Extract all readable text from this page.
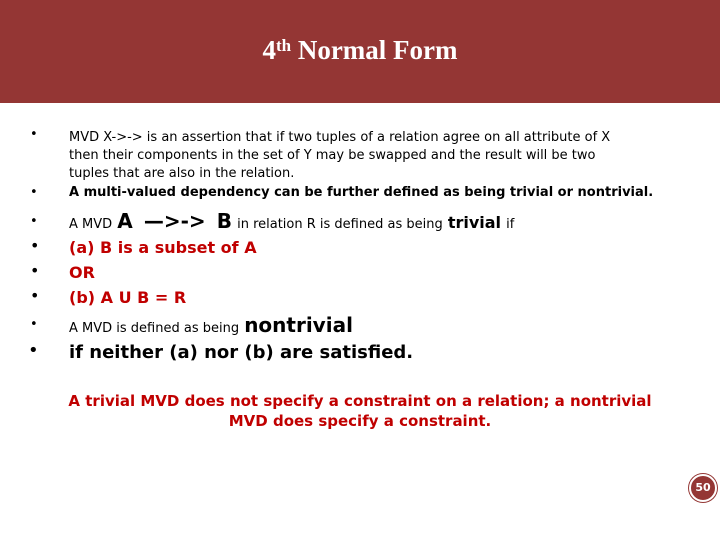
4th Normal Form
• MVD X->-> is an assertion that if two tuples of a relation agree on all attribute of X
then their components in the set of Y may be swapped and the result will be two
tuples that are also in the relation.
• A multi-valued dependency can be further defined as being trivial or nontrivial.
• A MVD A —>-> B in relation R is defined as being trivial if
• (a) B is a subset of A
• OR
• (b) A U B = R
• A MVD is defined as being nontrivial
• if neither (a) nor (b) are satisfied.
A trivial MVD does not specify a constraint on a relation; a nontrivial
MVD does specify a constraint.
50
